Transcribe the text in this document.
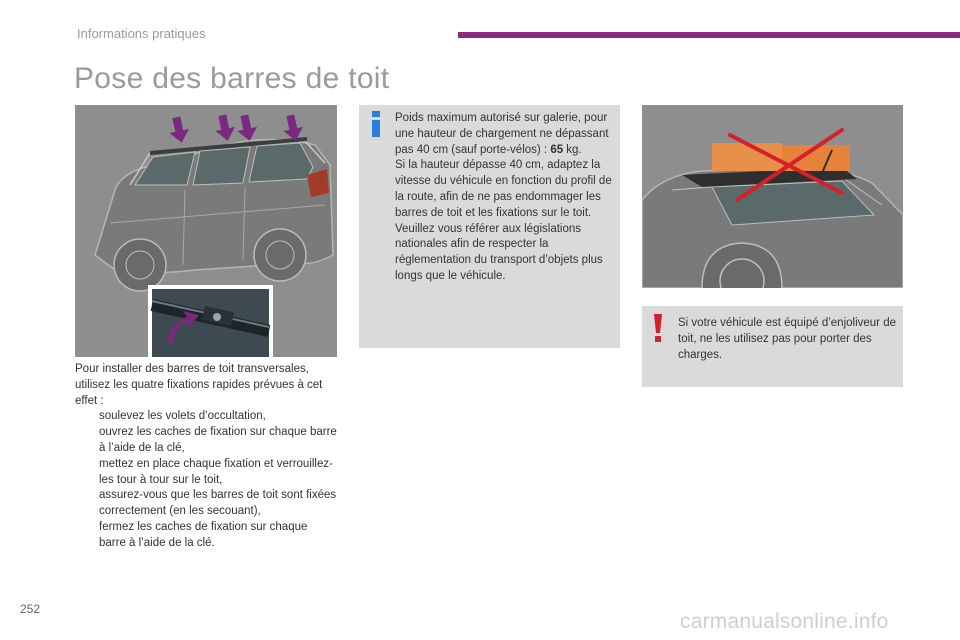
Informations pratiques
Pose des barres de toit

Pour installer des barres de toit transversales, utilisez les quatre fixations rapides prévues à cet effet :

soulevez les volets d’occultation,
ouvrez les caches de fixation sur chaque barre à l’aide de la clé,
mettez en place chaque fixation et verrouillez-les tour à tour sur le toit,
assurez-vous que les barres de toit sont fixées correctement (en les secouant),
fermez les caches de fixation sur chaque barre à l’aide de la clé.
Poids maximum autorisé sur galerie, pour une hauteur de chargement ne dépassant pas 40 cm (sauf porte-vélos) : 65 kg.
Si la hauteur dépasse 40 cm, adaptez la vitesse du véhicule en fonction du profil de la route, afin de ne pas endommager les barres de toit et les fixations sur le toit.
Veuillez vous référer aux législations nationales afin de respecter la réglementation du transport d’objets plus longs que le véhicule.
Si votre véhicule est équipé d’enjoliveur de toit, ne les utilisez pas pour porter des charges.
252
carmanualsonline.info
